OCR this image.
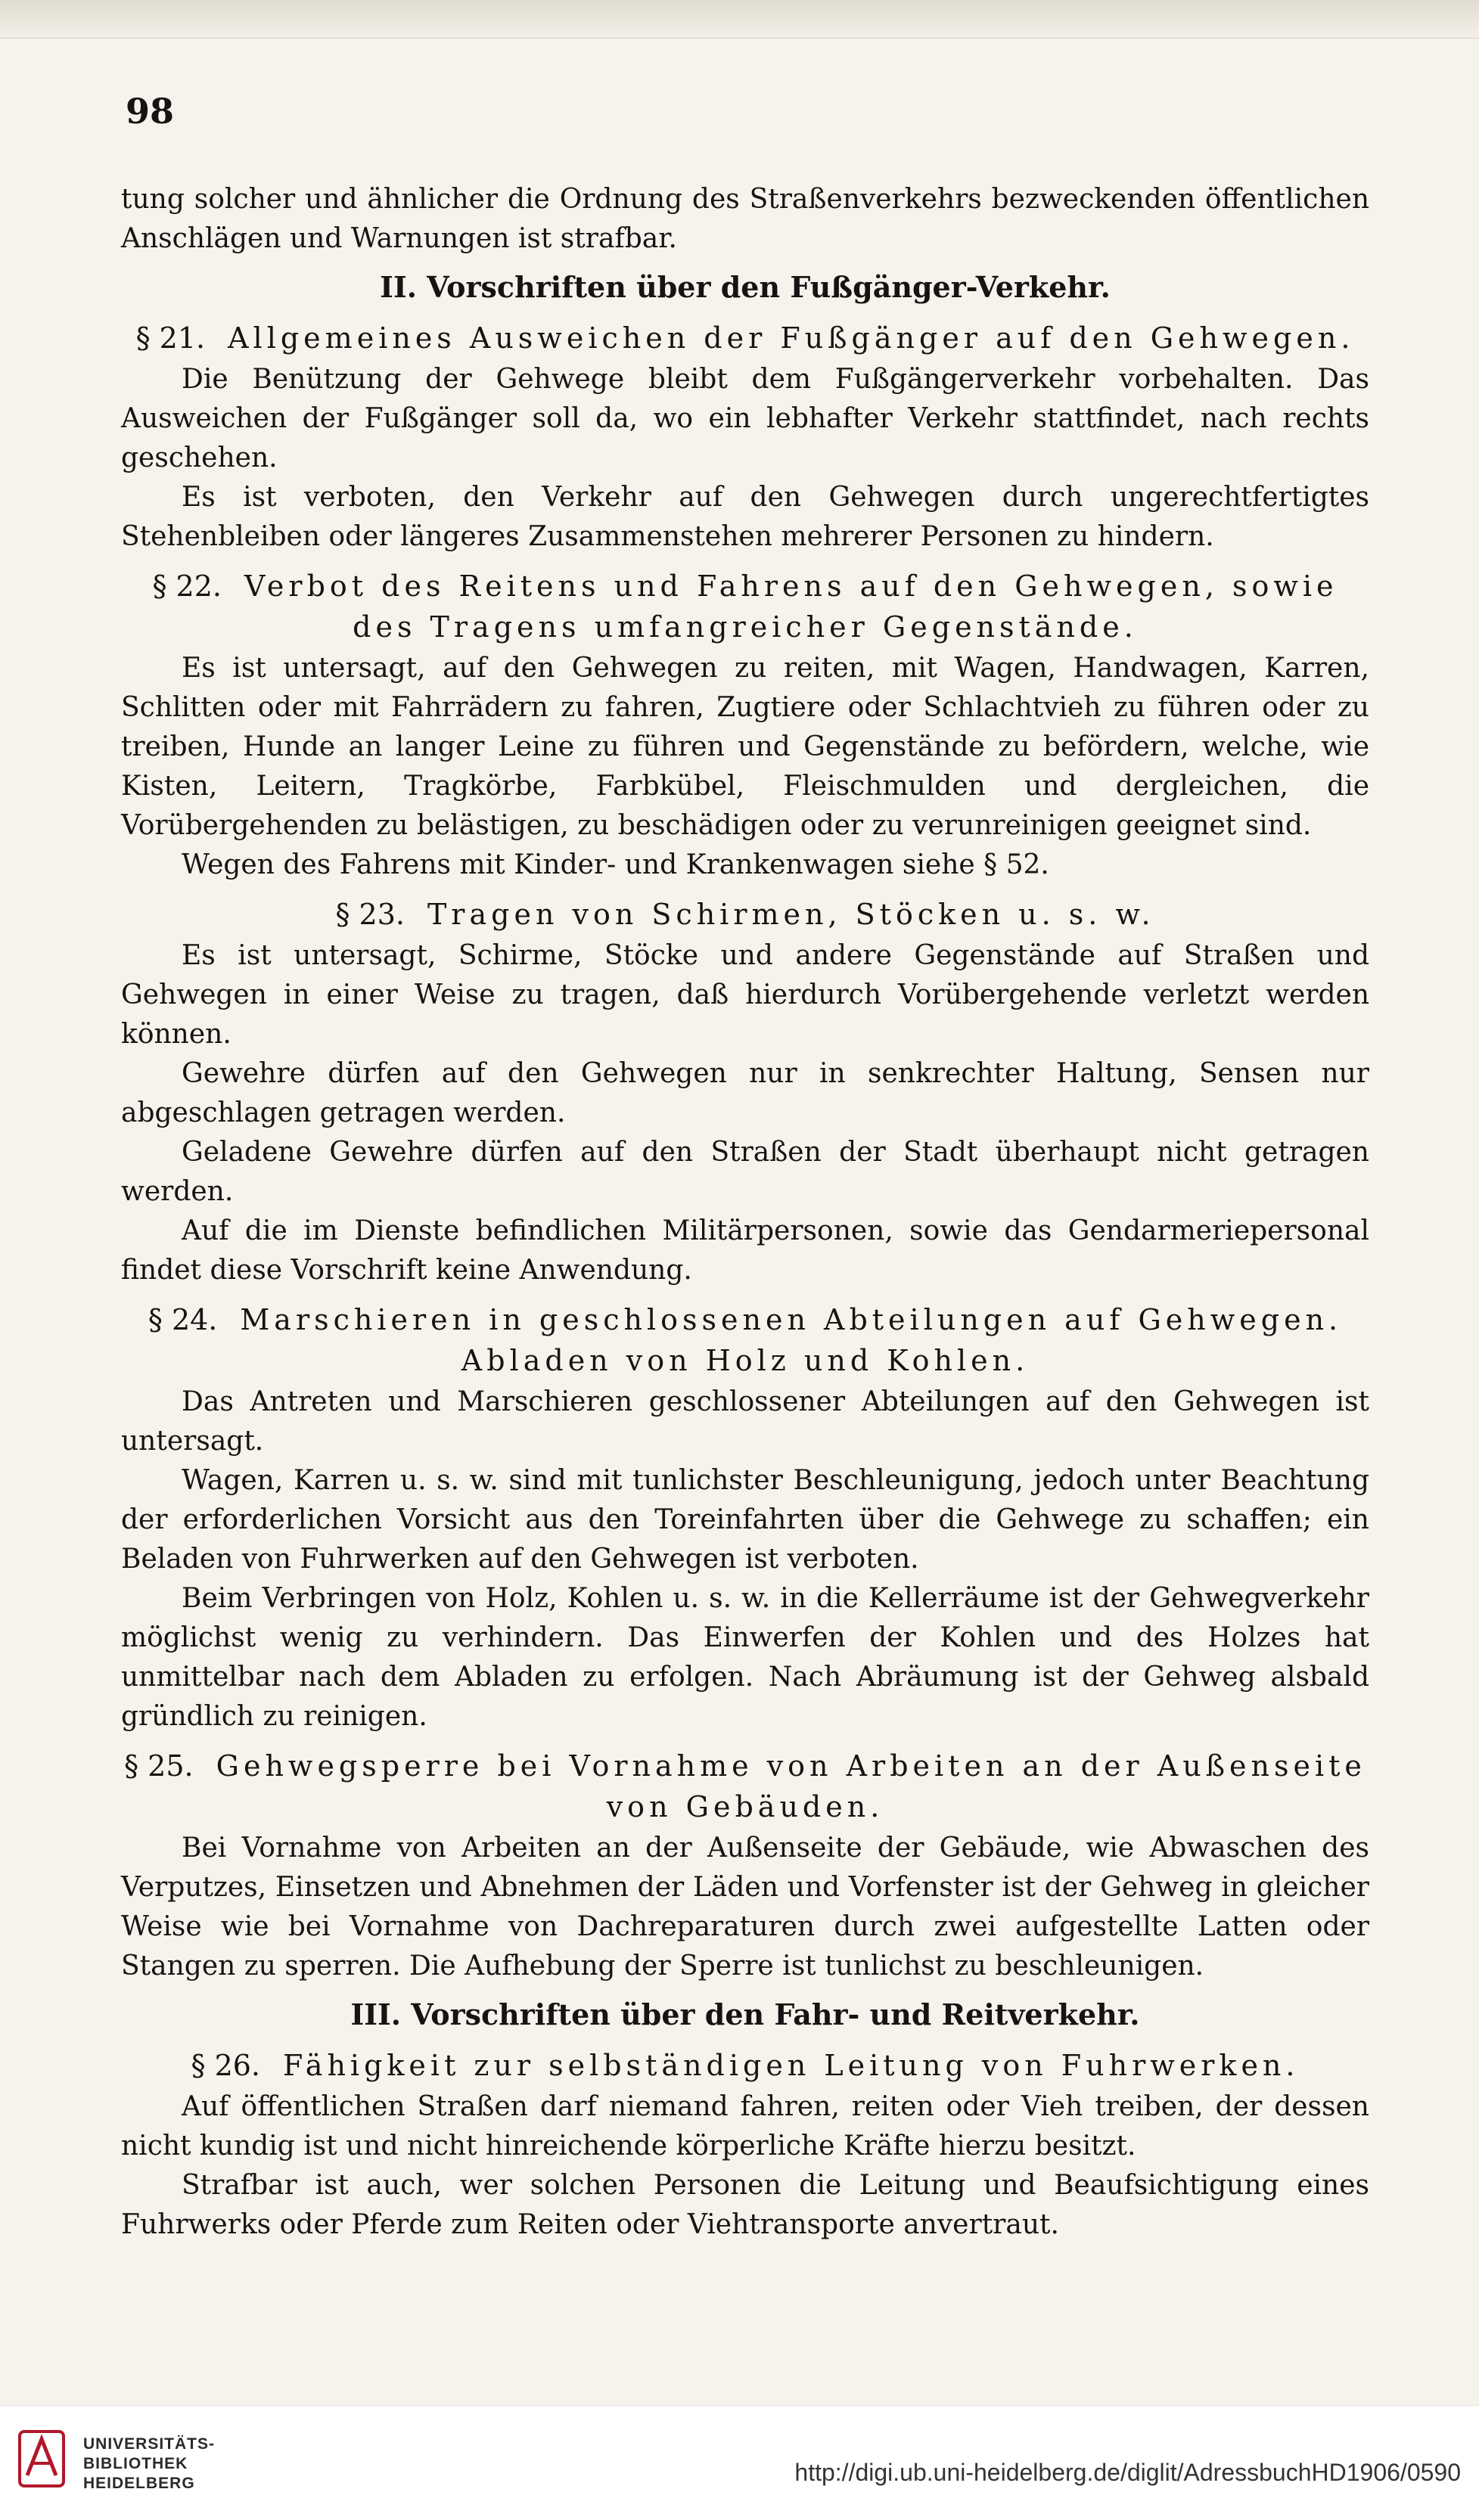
98

tung solcher und ähnlicher die Ordnung des Straßenverkehrs bezweckenden öffentlichen Anschlägen und Warnungen ist strafbar.

II. Vorschriften über den Fußgänger-Verkehr.
§ 21. Allgemeines Ausweichen der Fußgänger auf den Gehwegen.

Die Benützung der Gehwege bleibt dem Fußgängerverkehr vorbehalten. Das Ausweichen der Fußgänger soll da, wo ein lebhafter Verkehr stattfindet, nach rechts geschehen.

Es ist verboten, den Verkehr auf den Gehwegen durch ungerechtfertigtes Stehenbleiben oder längeres Zusammenstehen mehrerer Personen zu hindern.

§ 22. Verbot des Reitens und Fahrens auf den Gehwegen, sowie des Tragens umfangreicher Gegenstände.

Es ist untersagt, auf den Gehwegen zu reiten, mit Wagen, Handwagen, Karren, Schlitten oder mit Fahrrädern zu fahren, Zugtiere oder Schlachtvieh zu führen oder zu treiben, Hunde an langer Leine zu führen und Gegenstände zu befördern, welche, wie Kisten, Leitern, Tragkörbe, Farbkübel, Fleischmulden und dergleichen, die Vorübergehenden zu belästigen, zu beschädigen oder zu verunreinigen geeignet sind.

Wegen des Fahrens mit Kinder- und Krankenwagen siehe § 52.

§ 23. Tragen von Schirmen, Stöcken u. s. w.

Es ist untersagt, Schirme, Stöcke und andere Gegenstände auf Straßen und Gehwegen in einer Weise zu tragen, daß hierdurch Vorübergehende verletzt werden können.

Gewehre dürfen auf den Gehwegen nur in senkrechter Haltung, Sensen nur abgeschlagen getragen werden.

Geladene Gewehre dürfen auf den Straßen der Stadt überhaupt nicht getragen werden.

Auf die im Dienste befindlichen Militärpersonen, sowie das Gendarmeriepersonal findet diese Vorschrift keine Anwendung.

§ 24. Marschieren in geschlossenen Abteilungen auf Gehwegen. Abladen von Holz und Kohlen.

Das Antreten und Marschieren geschlossener Abteilungen auf den Gehwegen ist untersagt.

Wagen, Karren u. s. w. sind mit tunlichster Beschleunigung, jedoch unter Beachtung der erforderlichen Vorsicht aus den Toreinfahrten über die Gehwege zu schaffen; ein Beladen von Fuhrwerken auf den Gehwegen ist verboten.

Beim Verbringen von Holz, Kohlen u. s. w. in die Kellerräume ist der Gehwegverkehr möglichst wenig zu verhindern. Das Einwerfen der Kohlen und des Holzes hat unmittelbar nach dem Abladen zu erfolgen. Nach Abräumung ist der Gehweg alsbald gründlich zu reinigen.

§ 25. Gehwegsperre bei Vornahme von Arbeiten an der Außenseite von Gebäuden.

Bei Vornahme von Arbeiten an der Außenseite der Gebäude, wie Abwaschen des Verputzes, Einsetzen und Abnehmen der Läden und Vorfenster ist der Gehweg in gleicher Weise wie bei Vornahme von Dachreparaturen durch zwei aufgestellte Latten oder Stangen zu sperren. Die Aufhebung der Sperre ist tunlichst zu beschleunigen.

III. Vorschriften über den Fahr- und Reitverkehr.
§ 26. Fähigkeit zur selbständigen Leitung von Fuhrwerken.

Auf öffentlichen Straßen darf niemand fahren, reiten oder Vieh treiben, der dessen nicht kundig ist und nicht hinreichende körperliche Kräfte hierzu besitzt.

Strafbar ist auch, wer solchen Personen die Leitung und Beaufsichtigung eines Fuhrwerks oder Pferde zum Reiten oder Viehtransporte anvertraut.

UNIVERSITÄTS-
BIBLIOTHEK
HEIDELBERG	http://digi.ub.uni-heidelberg.de/diglit/AdressbuchHD1906/0590
